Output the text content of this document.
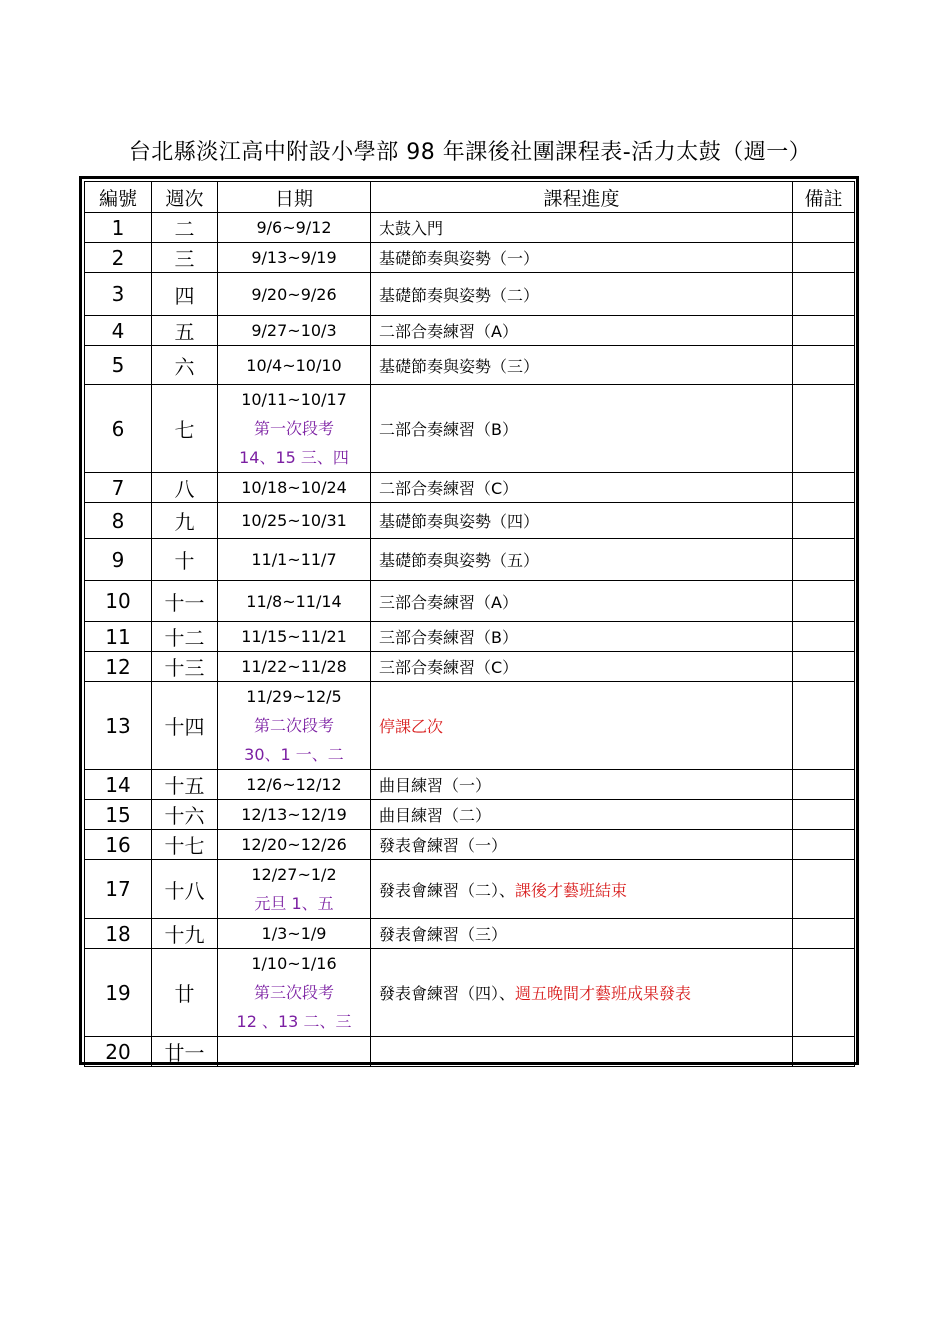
台北縣淡江高中附設小學部 98 年課後社團課程表-活力太鼓（週一）
編號	週次	日期	課程進度	備註
1	二	9/6~9/12	太鼓入門	
2	三	9/13~9/19	基礎節奏與姿勢（一）	
3	四	9/20~9/26	基礎節奏與姿勢（二）	
4	五	9/27~10/3	二部合奏練習（A）	
5	六	10/4~10/10	基礎節奏與姿勢（三）	
6	七	10/11~10/17
第一次段考
14、15 三、四	二部合奏練習（B）	
7	八	10/18~10/24	二部合奏練習（C）	
8	九	10/25~10/31	基礎節奏與姿勢（四）	
9	十	11/1~11/7	基礎節奏與姿勢（五）	
10	十一	11/8~11/14	三部合奏練習（A）	
11	十二	11/15~11/21	三部合奏練習（B）	
12	十三	11/22~11/28	三部合奏練習（C）	
13	十四	11/29~12/5
第二次段考
30、1 一、二	停課乙次	
14	十五	12/6~12/12	曲目練習（一）	
15	十六	12/13~12/19	曲目練習（二）	
16	十七	12/20~12/26	發表會練習（一）	
17	十八	12/27~1/2
元旦 1、五	發表會練習（二）、課後才藝班結束	
18	十九	1/3~1/9	發表會練習（三）	
19	廿	1/10~1/16
第三次段考
12 、13 二、三	發表會練習（四）、週五晚間才藝班成果發表	
20	廿一	
